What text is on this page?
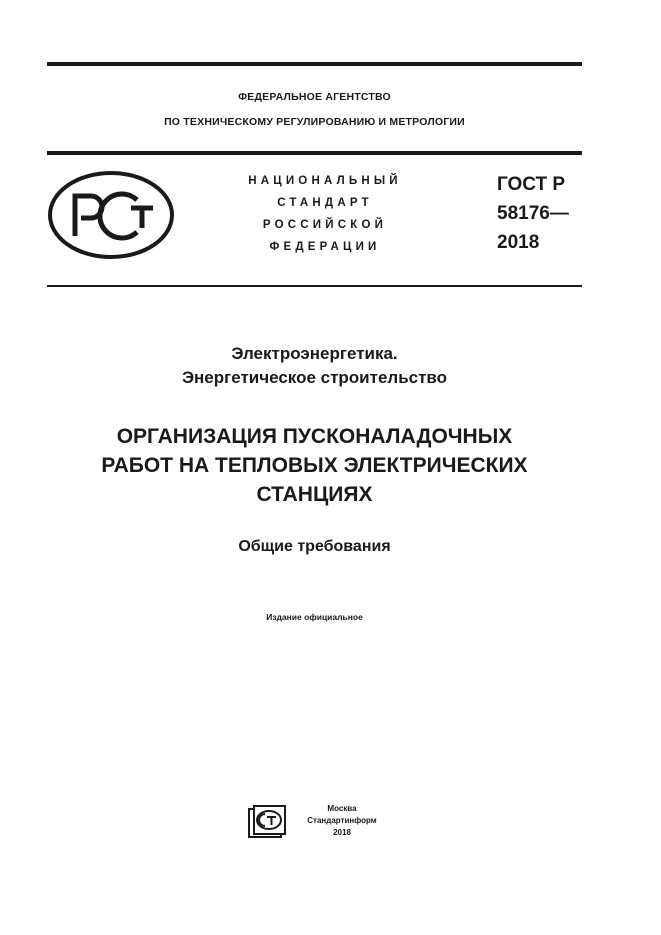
ФЕДЕРАЛЬНОЕ АГЕНТСТВО
ПО ТЕХНИЧЕСКОМУ РЕГУЛИРОВАНИЮ И МЕТРОЛОГИИ
НАЦИОНАЛЬНЫЙ
СТАНДАРТ
РОССИЙСКОЙ
ФЕДЕРАЦИИ
ГОСТ Р
58176—
2018
Электроэнергетика.
Энергетическое строительство
ОРГАНИЗАЦИЯ ПУСКОНАЛАДОЧНЫХ
РАБОТ НА ТЕПЛОВЫХ ЭЛЕКТРИЧЕСКИХ
СТАНЦИЯХ
Общие требования
Издание официальное
Москва
Стандартинформ
2018
